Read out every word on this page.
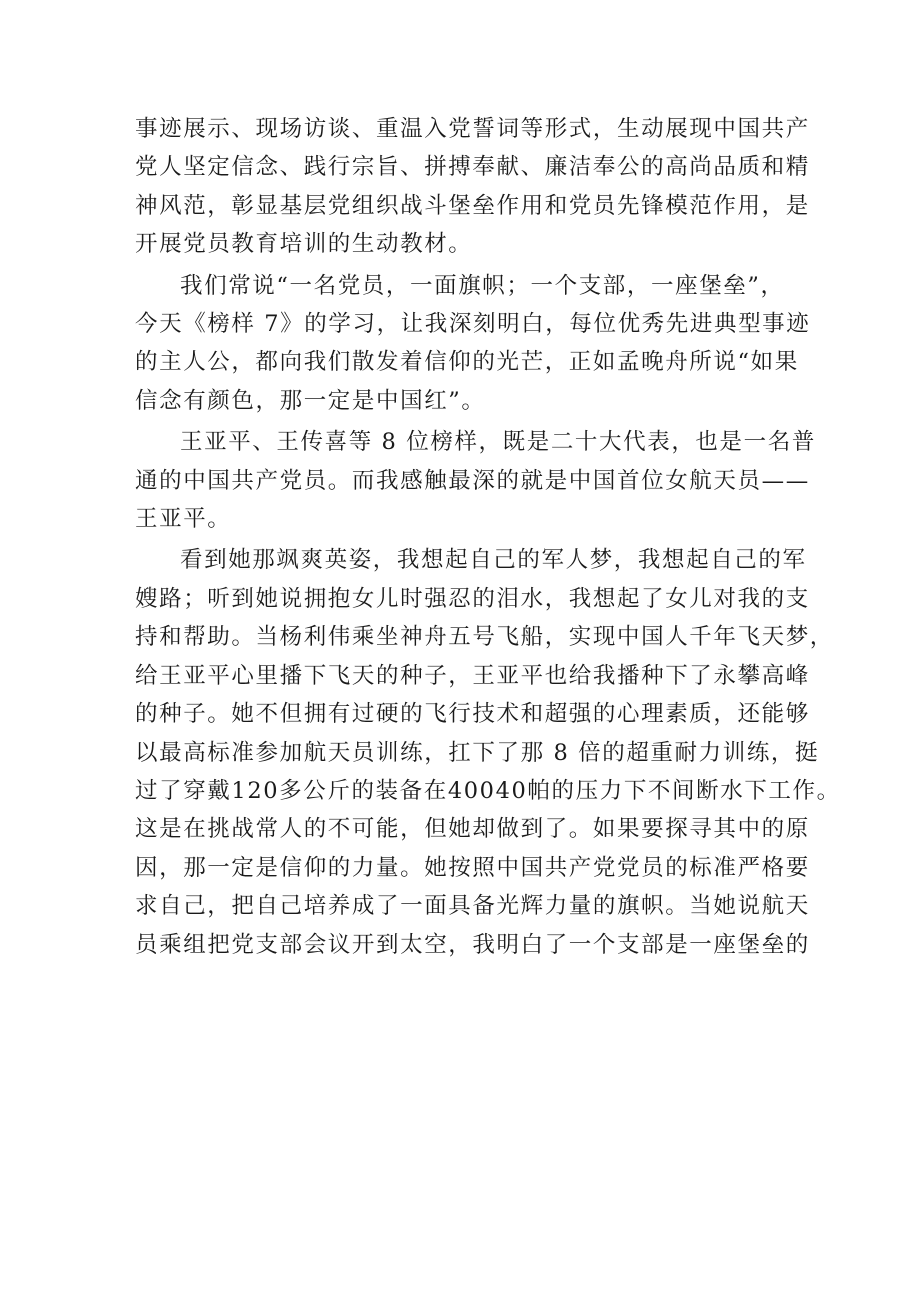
事迹展示、现场访谈、重温入党誓词等形式，生动展现中国共产
党人坚定信念、践行宗旨、拼搏奉献、廉洁奉公的高尚品质和精
神风范，彰显基层党组织战斗堡垒作用和党员先锋模范作用，是
开展党员教育培训的生动教材。

我们常说“一名党员，一面旗帜；一个支部，一座堡垒”，
今天《榜样 7》的学习，让我深刻明白，每位优秀先进典型事迹
的主人公，都向我们散发着信仰的光芒，正如孟晚舟所说“如果
信念有颜色，那一定是中国红”。

王亚平、王传喜等 8 位榜样，既是二十大代表，也是一名普
通的中国共产党员。而我感触最深的就是中国首位女航天员——
王亚平。

看到她那飒爽英姿，我想起自己的军人梦，我想起自己的军
嫂路；听到她说拥抱女儿时强忍的泪水，我想起了女儿对我的支
持和帮助。当杨利伟乘坐神舟五号飞船，实现中国人千年飞天梦，
给王亚平心里播下飞天的种子，王亚平也给我播种下了永攀高峰
的种子。她不但拥有过硬的飞行技术和超强的心理素质，还能够
以最高标准参加航天员训练，扛下了那 8 倍的超重耐力训练，挺
过了穿戴120多公斤的装备在40040帕的压力下不间断水下工作。
这是在挑战常人的不可能，但她却做到了。如果要探寻其中的原
因，那一定是信仰的力量。她按照中国共产党党员的标准严格要
求自己，把自己培养成了一面具备光辉力量的旗帜。当她说航天
员乘组把党支部会议开到太空，我明白了一个支部是一座堡垒的
